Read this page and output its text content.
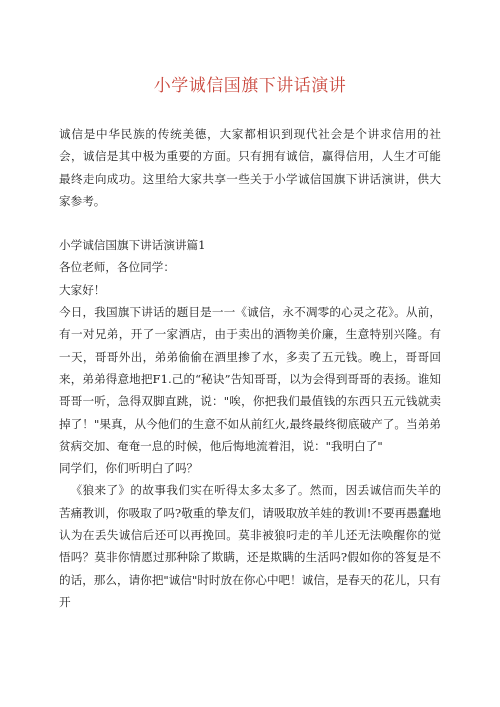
小学诚信国旗下讲话演讲

诚信是中华民族的传统美德，大家都相识到现代社会是个讲求信用的社会，诚信是其中极为重要的方面。只有拥有诚信，赢得信用，人生才可能最终走向成功。这里给大家共享一些关于小学诚信国旗下讲话演讲，供大家参考。

小学诚信国旗下讲话演讲篇1

各位老师，各位同学：

大家好！

今日，我国旗下讲话的题目是一一《诚信，永不凋零的心灵之花》。从前，有一对兄弟，开了一家酒店，由于卖出的酒物美价廉，生意特别兴隆。有一天，哥哥外出，弟弟偷偷在酒里掺了水，多卖了五元钱。晚上，哥哥回来，弟弟得意地把F1.己的“秘诀”告知哥哥，以为会得到哥哥的表扬。谁知哥哥一听，急得双脚直跳，说："唉，你把我们最值钱的东西只五元钱就卖掉了！"果真，从今他们的生意不如从前红火,最终最终彻底破产了。当弟弟贫病交加、奄奄一息的时候，他后悔地流着泪，说："我明白了"

同学们，你们听明白了吗？

《狼来了》的故事我们实在听得太多太多了。然而，因丢诚信而失羊的苦痛教训，你吸取了吗?敬重的挚友们，请吸取放羊娃的教训!不要再愚蠢地认为在丢失诚信后还可以再挽回。莫非被狼叼走的羊儿还无法唤醒你的觉悟吗？莫非你情愿过那种除了欺瞒，还是欺瞒的生活吗?假如你的答复是不的话，那么，请你把"诚信"时时放在你心中吧！诚信，是春天的花儿，只有开
